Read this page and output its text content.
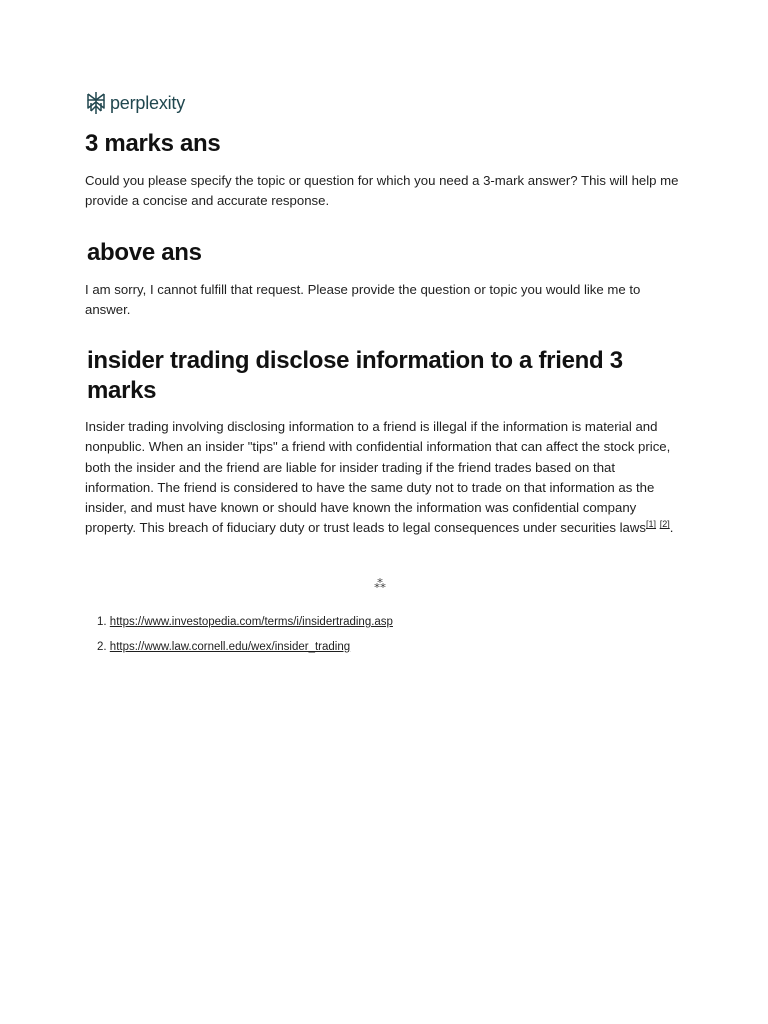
perplexity
3 marks ans

Could you please specify the topic or question for which you need a 3-mark answer? This will help me provide a concise and accurate response.

above ans

I am sorry, I cannot fulfill that request. Please provide the question or topic you would like me to answer.

insider trading disclose information to a friend 3 marks

Insider trading involving disclosing information to a friend is illegal if the information is material and nonpublic. When an insider "tips" a friend with confidential information that can affect the stock price, both the insider and the friend are liable for insider trading if the friend trades based on that information. The friend is considered to have the same duty not to trade on that information as the insider, and must have known or should have known the information was confidential company property. This breach of fiduciary duty or trust leads to legal consequences under securities laws[1] [2].

⁂
1. https://www.investopedia.com/terms/i/insidertrading.asp
2. https://www.law.cornell.edu/wex/insider_trading
